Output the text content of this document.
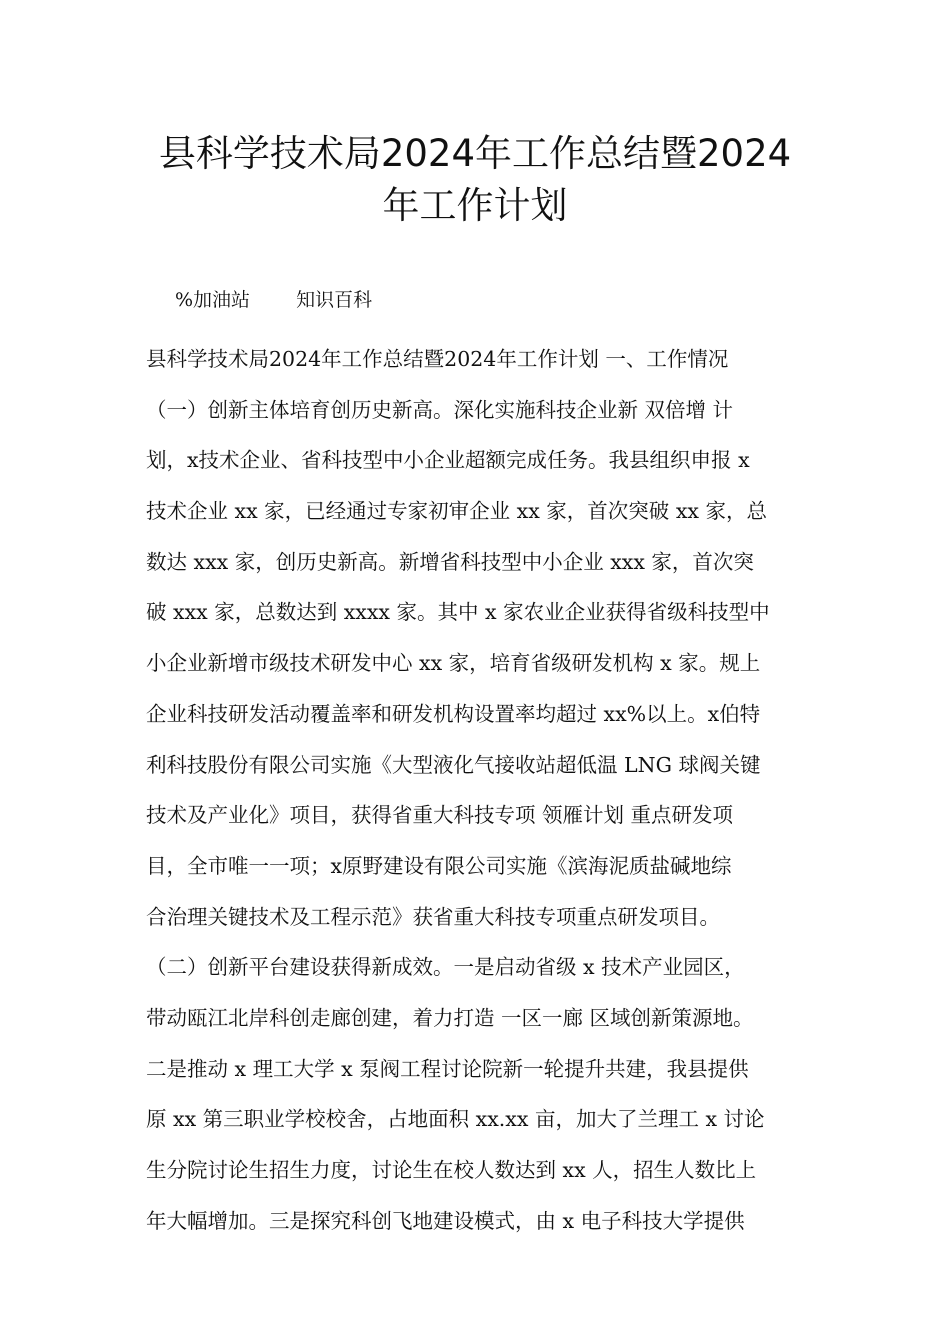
县科学技术局2024年工作总结暨2024
年工作计划
%加油站 知识百科
县科学技术局2024年工作总结暨2024年工作计划 一、工作情况
（一）创新主体培育创历史新高。深化实施科技企业新 双倍增 计
划，x技术企业、省科技型中小企业超额完成任务。我县组织申报 x
技术企业 xx 家，已经通过专家初审企业 xx 家，首次突破 xx 家，总
数达 xxx 家，创历史新高。新增省科技型中小企业 xxx 家，首次突
破 xxx 家，总数达到 xxxx 家。其中 x 家农业企业获得省级科技型中
小企业新增市级技术研发中心 xx 家，培育省级研发机构 x 家。规上
企业科技研发活动覆盖率和研发机构设置率均超过 xx%以上。x伯特
利科技股份有限公司实施《大型液化气接收站超低温 LNG 球阀关键
技术及产业化》项目，获得省重大科技专项 领雁计划 重点研发项
目，全市唯一一项；x原野建设有限公司实施《滨海泥质盐碱地综
合治理关键技术及工程示范》获省重大科技专项重点研发项目。
（二）创新平台建设获得新成效。一是启动省级 x 技术产业园区，
带动瓯江北岸科创走廊创建，着力打造 一区一廊 区域创新策源地。
二是推动 x 理工大学 x 泵阀工程讨论院新一轮提升共建，我县提供
原 xx 第三职业学校校舍，占地面积 xx.xx 亩，加大了兰理工 x 讨论
生分院讨论生招生力度，讨论生在校人数达到 xx 人，招生人数比上
年大幅增加。三是探究科创飞地建设模式，由 x 电子科技大学提供
